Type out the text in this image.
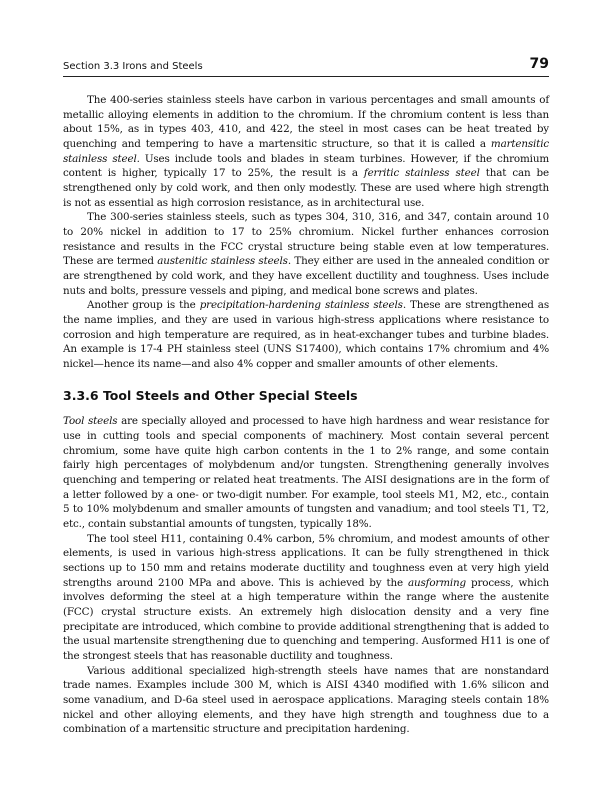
Section 3.3 Irons and Steels	79

The 400-series stainless steels have carbon in various percentages and small amounts of metallic alloying elements in addition to the chromium. If the chromium content is less than about 15%, as in types 403, 410, and 422, the steel in most cases can be heat treated by quenching and tempering to have a martensitic structure, so that it is called a martensitic stainless steel. Uses include tools and blades in steam turbines. However, if the chromium content is higher, typically 17 to 25%, the result is a ferritic stainless steel that can be strengthened only by cold work, and then only modestly. These are used where high strength is not as essential as high corrosion resistance, as in architectural use.

The 300-series stainless steels, such as types 304, 310, 316, and 347, contain around 10 to 20% nickel in addition to 17 to 25% chromium. Nickel further enhances corrosion resistance and results in the FCC crystal structure being stable even at low temperatures. These are termed austenitic stainless steels. They either are used in the annealed condition or are strengthened by cold work, and they have excellent ductility and toughness. Uses include nuts and bolts, pressure vessels and piping, and medical bone screws and plates.

Another group is the precipitation-hardening stainless steels. These are strengthened as the name implies, and they are used in various high-stress applications where resistance to corrosion and high temperature are required, as in heat-exchanger tubes and turbine blades. An example is 17-4 PH stainless steel (UNS S17400), which contains 17% chromium and 4% nickel—hence its name—and also 4% copper and smaller amounts of other elements.

3.3.6 Tool Steels and Other Special Steels

Tool steels are specially alloyed and processed to have high hardness and wear resistance for use in cutting tools and special components of machinery. Most contain several percent chromium, some have quite high carbon contents in the 1 to 2% range, and some contain fairly high percentages of molybdenum and/or tungsten. Strengthening generally involves quenching and tempering or related heat treatments. The AISI designations are in the form of a letter followed by a one- or two-digit number. For example, tool steels M1, M2, etc., contain 5 to 10% molybdenum and smaller amounts of tungsten and vanadium; and tool steels T1, T2, etc., contain substantial amounts of tungsten, typically 18%.

The tool steel H11, containing 0.4% carbon, 5% chromium, and modest amounts of other elements, is used in various high-stress applications. It can be fully strengthened in thick sections up to 150 mm and retains moderate ductility and toughness even at very high yield strengths around 2100 MPa and above. This is achieved by the ausforming process, which involves deforming the steel at a high temperature within the range where the austenite (FCC) crystal structure exists. An extremely high dislocation density and a very fine precipitate are introduced, which combine to provide additional strengthening that is added to the usual martensite strengthening due to quenching and tempering. Ausformed H11 is one of the strongest steels that has reasonable ductility and toughness.

Various additional specialized high-strength steels have names that are nonstandard trade names. Examples include 300 M, which is AISI 4340 modified with 1.6% silicon and some vanadium, and D-6a steel used in aerospace applications. Maraging steels contain 18% nickel and other alloying elements, and they have high strength and toughness due to a combination of a martensitic structure and precipitation hardening.
